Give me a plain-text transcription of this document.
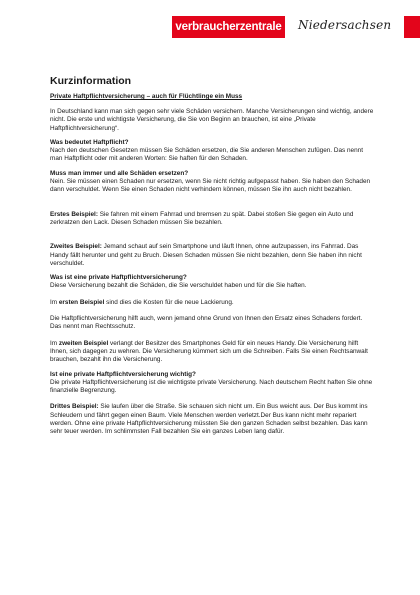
verbraucherzentrale Niedersachsen
Kurzinformation
Private Haftpflichtversicherung – auch für Flüchtlinge ein Muss

In Deutschland kann man sich gegen sehr viele Schäden versichern. Manche Versicherungen sind wichtig, andere nicht. Die erste und wichtigste Versicherung, die Sie von Beginn an brauchen, ist eine „Private Haftpflichtversicherung“.

Was bedeutet Haftpflicht?

Nach den deutschen Gesetzen müssen Sie Schäden ersetzen, die Sie anderen Menschen zufügen. Das nennt man Haftpflicht oder mit anderen Worten: Sie haften für den Schaden.

Muss man immer und alle Schäden ersetzen?

Nein. Sie müssen einen Schaden nur ersetzen, wenn Sie nicht richtig aufgepasst haben. Sie haben den Schaden dann verschuldet. Wenn Sie einen Schaden nicht verhindern können, müssen Sie ihn auch nicht bezahlen.

Erstes Beispiel: Sie fahren mit einem Fahrrad und bremsen zu spät. Dabei stoßen Sie gegen ein Auto und zerkratzen den Lack. Diesen Schaden müssen Sie bezahlen.

Zweites Beispiel: Jemand schaut auf sein Smartphone und läuft Ihnen, ohne aufzupassen, ins Fahrrad. Das Handy fällt herunter und geht zu Bruch. Diesen Schaden müssen Sie nicht bezahlen, denn Sie haben ihn nicht verschuldet.

Was ist eine private Haftpflichtversicherung?

Diese Versicherung bezahlt die Schäden, die Sie verschuldet haben und für die Sie haften.

Im ersten Beispiel sind dies die Kosten für die neue Lackierung.

Die Haftpflichtversicherung hilft auch, wenn jemand ohne Grund von Ihnen den Ersatz eines Schadens fordert. Das nennt man Rechtsschutz.

Im zweiten Beispiel verlangt der Besitzer des Smartphones Geld für ein neues Handy. Die Versicherung hilft Ihnen, sich dagegen zu wehren. Die Versicherung kümmert sich um die Schreiben. Falls Sie einen Rechtsanwalt brauchen, bezahlt ihn die Versicherung.

Ist eine private Haftpflichtversicherung wichtig?

Die private Haftpflichtversicherung ist die wichtigste private Versicherung. Nach deutschem Recht haften Sie ohne finanzielle Begrenzung.

Drittes Beispiel: Sie laufen über die Straße. Sie schauen sich nicht um. Ein Bus weicht aus. Der Bus kommt ins Schleudern und fährt gegen einen Baum. Viele Menschen werden verletzt.Der Bus kann nicht mehr repariert werden. Ohne eine private Haftpflichtversicherung müssten Sie den ganzen Schaden selbst bezahlen. Das kann sehr teuer werden. Im schlimmsten Fall bezahlen Sie ein ganzes Leben lang dafür.
